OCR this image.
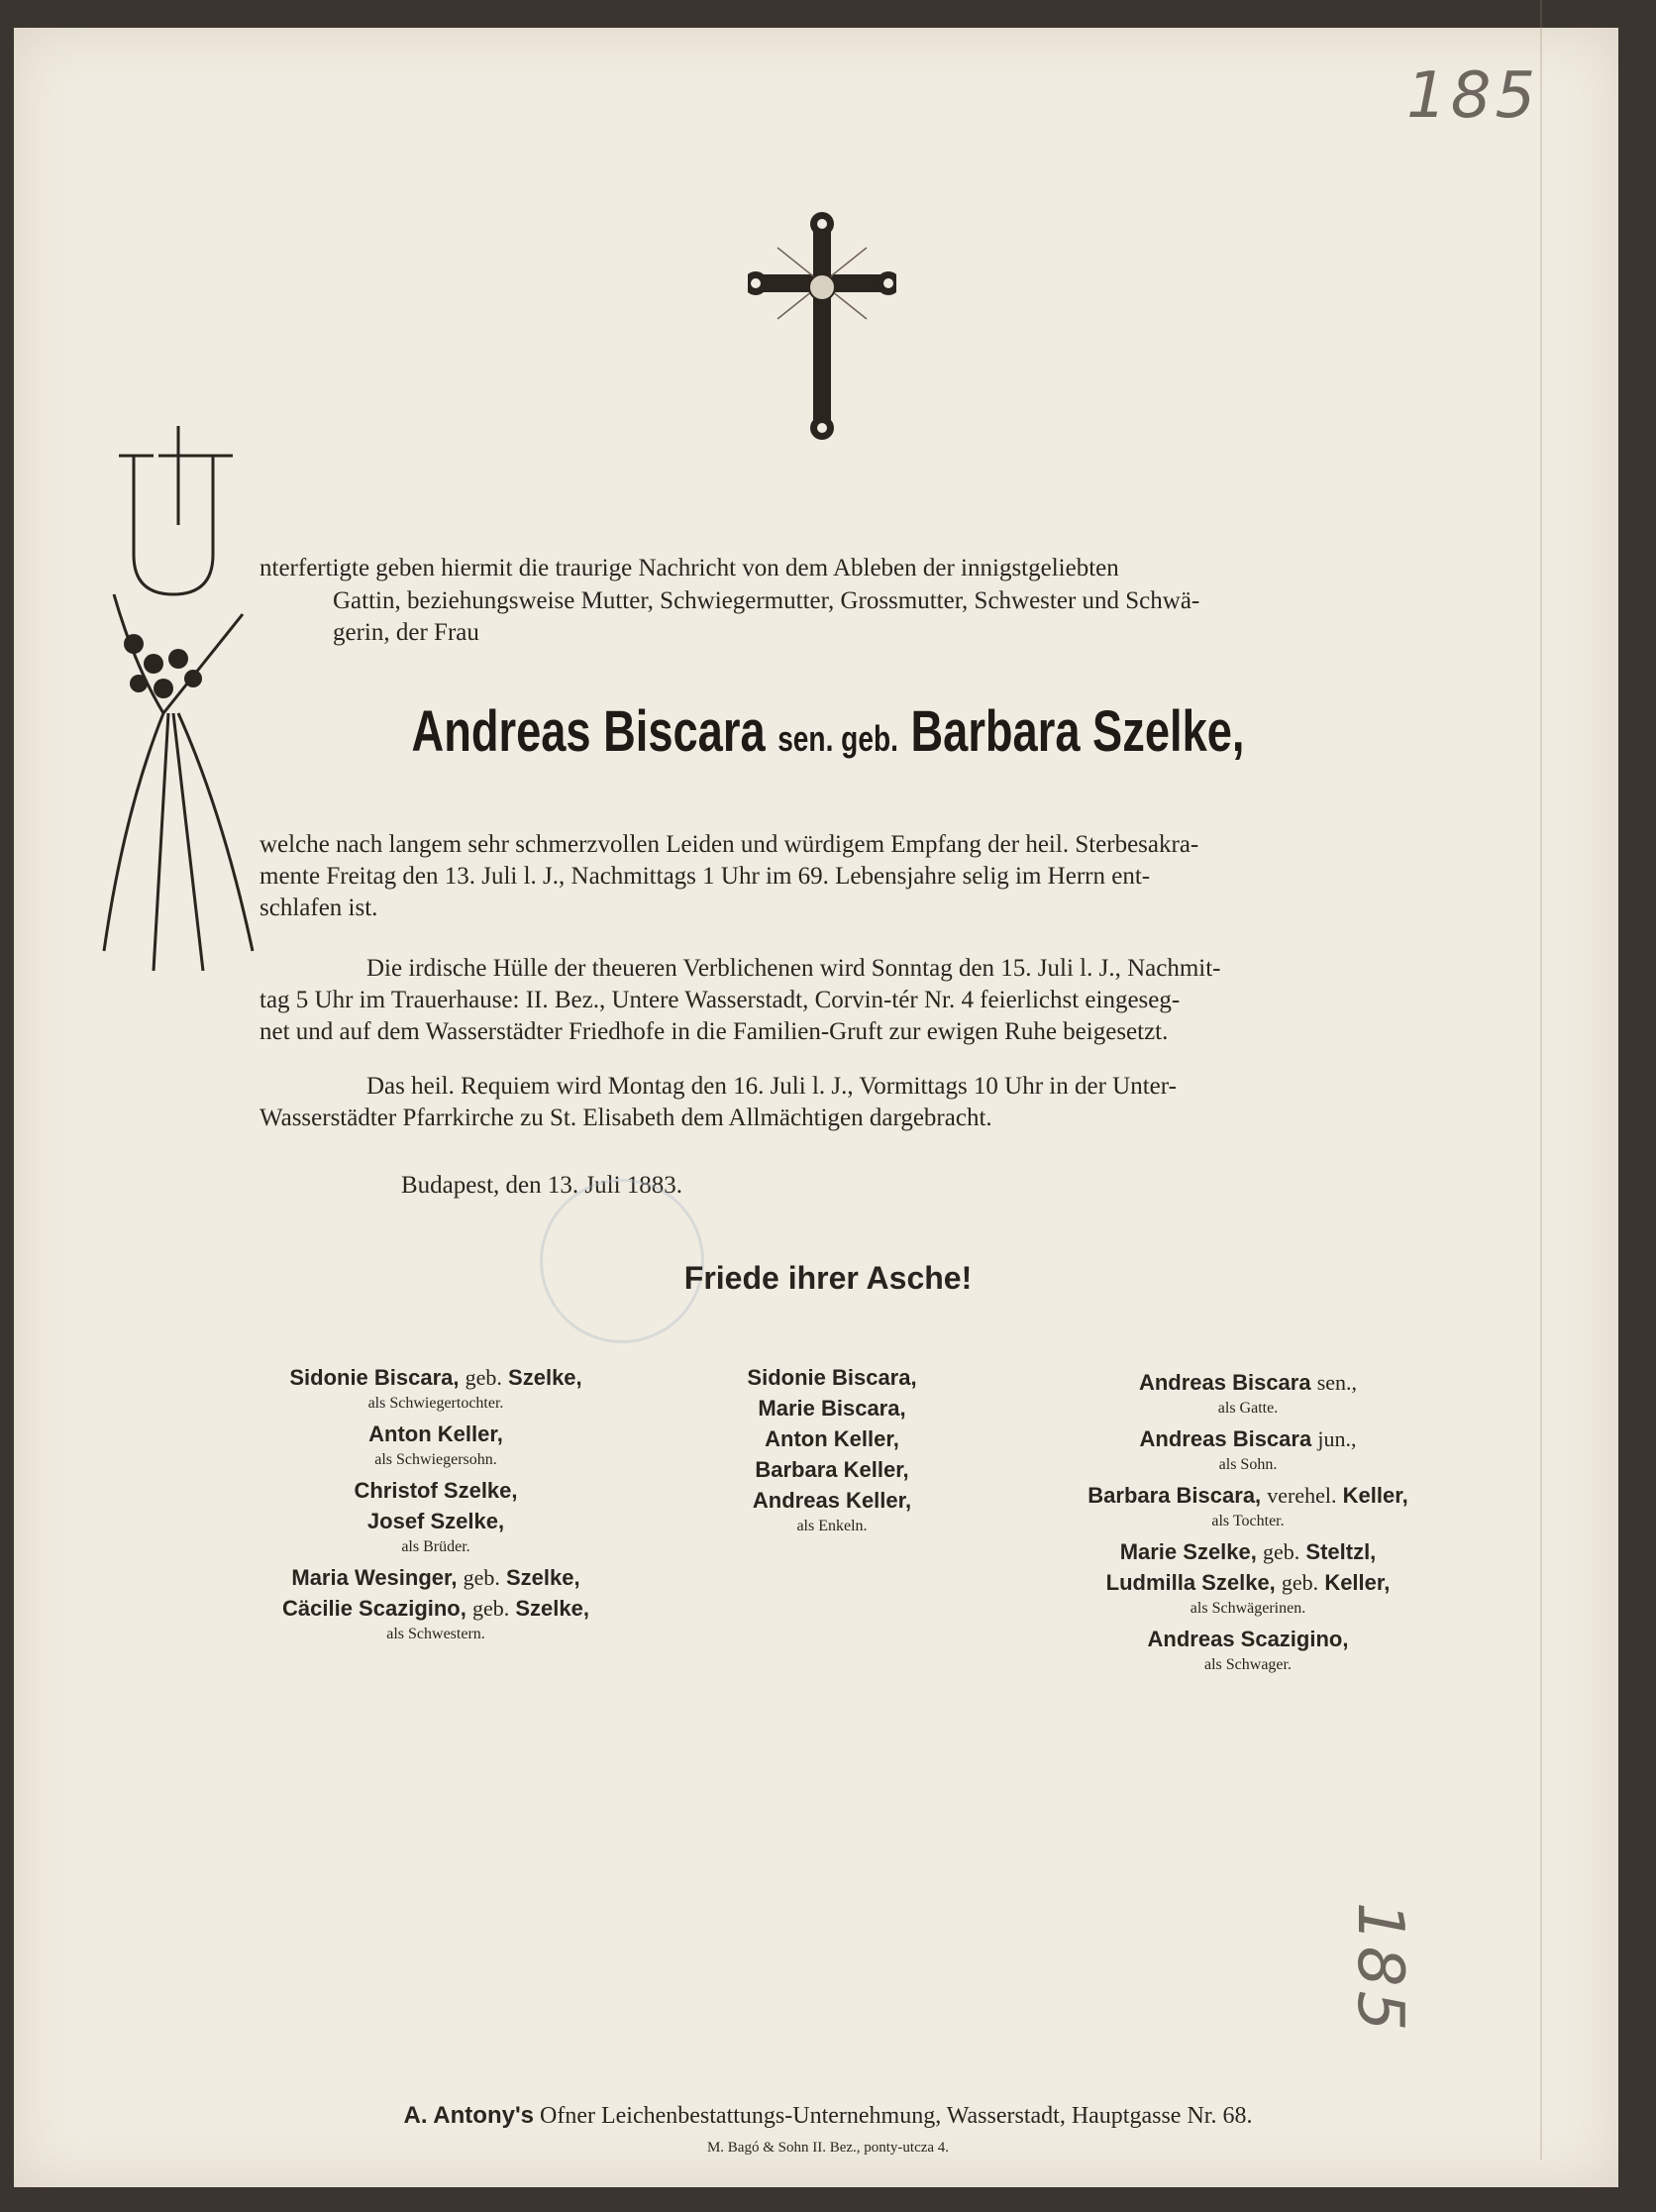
185
185
nterfertigte geben hiermit die traurige Nachricht von dem Ableben der innigstgeliebten
Gattin, beziehungsweise Mutter, Schwiegermutter, Grossmutter, Schwester und Schwä-
gerin, der Frau
Andreas Biscara sen. geb. Barbara Szelke,
welche nach langem sehr schmerzvollen Leiden und würdigem Empfang der heil. Sterbesakra-
mente Freitag den 13. Juli l. J., Nachmittags 1 Uhr im 69. Lebensjahre selig im Herrn ent-
schlafen ist.
Die irdische Hülle der theueren Verblichenen wird Sonntag den 15. Juli l. J., Nachmit-
tag 5 Uhr im Trauerhause: II. Bez., Untere Wasserstadt, Corvin-tér Nr. 4 feierlichst eingeseg-
net und auf dem Wasserstädter Friedhofe in die Familien-Gruft zur ewigen Ruhe beigesetzt.
Das heil. Requiem wird Montag den 16. Juli l. J., Vormittags 10 Uhr in der Unter-
Wasserstädter Pfarrkirche zu St. Elisabeth dem Allmächtigen dargebracht.
Budapest, den 13. Juli 1883.
Friede ihrer Asche!
Sidonie Biscara, geb. Szelke,
als Schwiegertochter.
Anton Keller,
als Schwiegersohn.
Christof Szelke,
Josef Szelke,
als Brüder.
Maria Wesinger, geb. Szelke,
Cäcilie Scazigino, geb. Szelke,
als Schwestern.
Sidonie Biscara,
Marie Biscara,
Anton Keller,
Barbara Keller,
Andreas Keller,
als Enkeln.
Andreas Biscara sen.,
als Gatte.
Andreas Biscara jun.,
als Sohn.
Barbara Biscara, verehel. Keller,
als Tochter.
Marie Szelke, geb. Steltzl,
Ludmilla Szelke, geb. Keller,
als Schwägerinen.
Andreas Scazigino,
als Schwager.
A. Antony's Ofner Leichenbestattungs-Unternehmung, Wasserstadt, Hauptgasse Nr. 68.
M. Bagó & Sohn II. Bez., ponty-utcza 4.
